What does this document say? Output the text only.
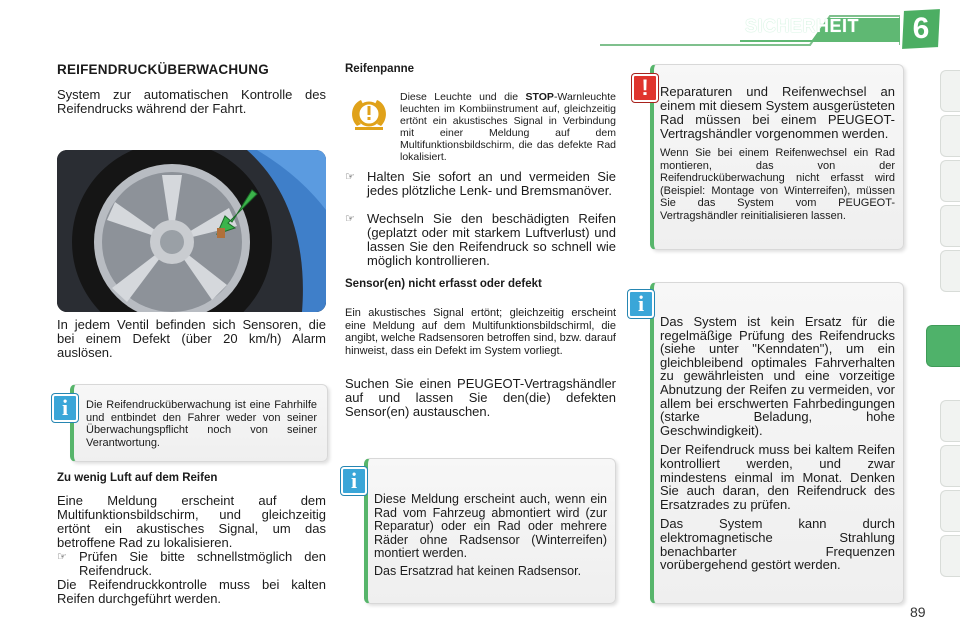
SICHERHEIT	6
REIFENDRUCKÜBERWACHUNG
System zur automatischen Kontrolle des Reifendrucks während der Fahrt.
In jedem Ventil befinden sich Sensoren, die bei einem Defekt (über 20 km/h) Alarm auslösen.
Die Reifendrucküberwachung ist eine Fahrhilfe und entbindet den Fahrer weder von seiner Überwachungspflicht noch von seiner Verantwortung.
i
Zu wenig Luft auf dem Reifen
Eine Meldung erscheint auf dem Multifunktionsbildschirm, und gleichzeitig ertönt ein akustisches Signal, um das betroffene Rad zu lokalisieren.
☞ Prüfen Sie bitte schnellstmöglich den Reifendruck.
Die Reifendruckkontrolle muss bei kalten Reifen durchgeführt werden.
Reifenpanne
Diese Leuchte und die STOP-Warnleuchte leuchten im Kombiinstrument auf, gleichzeitig ertönt ein akustisches Signal in Verbindung mit einer Meldung auf dem Multifunktionsbildschirm, die das defekte Rad lokalisiert.
☞ Halten Sie sofort an und vermeiden Sie jedes plötzliche Lenk- und Bremsmanöver.
☞ Wechseln Sie den beschädigten Reifen (geplatzt oder mit starkem Luftverlust) und lassen Sie den Reifendruck so schnell wie möglich kontrollieren.
Sensor(en) nicht erfasst oder defekt
Ein akustisches Signal ertönt; gleichzeitig erscheint eine Meldung auf dem Multifunktionsbildschirml, die angibt, welche Radsensoren betroffen sind, bzw. darauf hinweist, dass ein Defekt im System vorliegt.
Suchen Sie einen PEUGEOT-Vertragshändler auf und lassen Sie den(die) defekten Sensor(en) austauschen.
Diese Meldung erscheint auch, wenn ein Rad vom Fahrzeug abmontiert wird (zur Reparatur) oder ein Rad oder mehrere Räder ohne Radsensor (Winterreifen) montiert werden.
Das Ersatzrad hat keinen Radsensor.
i
Reparaturen und Reifenwechsel an einem mit diesem System ausgerüsteten Rad müssen bei einem PEUGEOT-Vertragshändler vorgenommen werden.
Wenn Sie bei einem Reifenwechsel ein Rad montieren, das von der Reifendrucküberwachung nicht erfasst wird (Beispiel: Montage von Winterreifen), müssen Sie das System vom PEUGEOT-Vertragshändler reinitialisieren lassen.
!
Das System ist kein Ersatz für die regelmäßige Prüfung des Reifendrucks (siehe unter "Kenndaten"), um ein gleichbleibend optimales Fahrverhalten zu gewährleisten und eine vorzeitige Abnutzung der Reifen zu vermeiden, vor allem bei erschwerten Fahrbedingungen (starke Beladung, hohe Geschwindigkeit).
Der Reifendruck muss bei kaltem Reifen kontrolliert werden, und zwar mindestens einmal im Monat. Denken Sie auch daran, den Reifendruck des Ersatzrades zu prüfen.
Das System kann durch elektromagnetische Strahlung benachbarter Frequenzen vorübergehend gestört werden.
i
89
